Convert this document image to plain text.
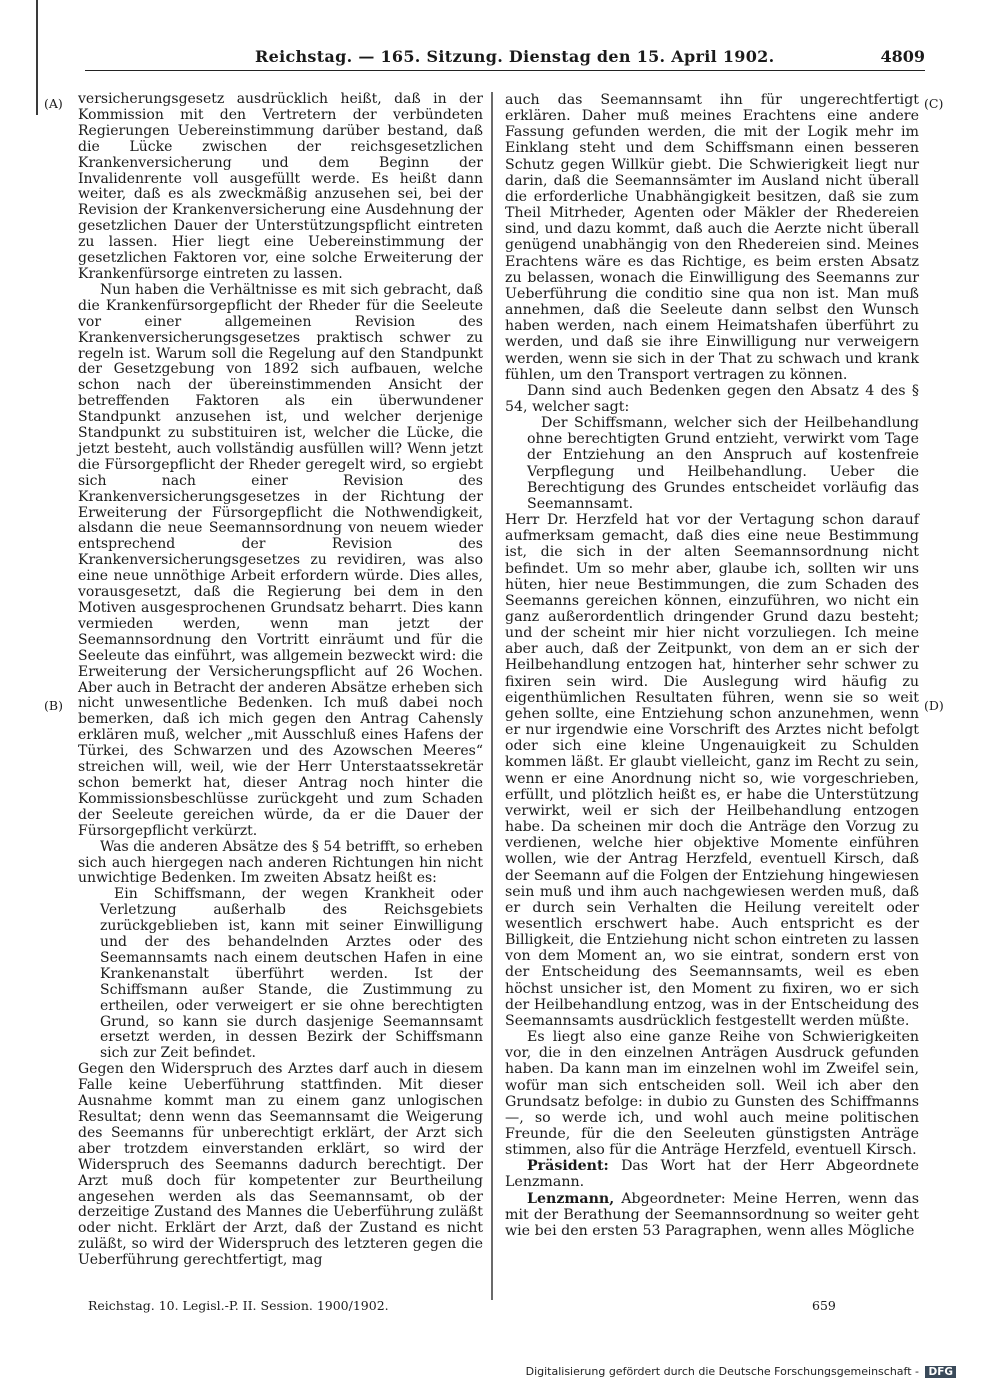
Reichstag. — 165. Sitzung. Dienstag den 15. April 1902.	4809
(A)
(B)
(C)
(D)

versicherungsgesetz ausdrücklich heißt, daß in der Kommission mit den Vertretern der verbündeten Regierungen Uebereinstimmung darüber bestand, daß die Lücke zwischen der reichsgesetzlichen Krankenversicherung und dem Beginn der Invalidenrente voll ausgefüllt werde. Es heißt dann weiter, daß es als zweckmäßig anzusehen sei, bei der Revision der Krankenversicherung eine Ausdehnung der gesetzlichen Dauer der Unterstützungspflicht eintreten zu lassen. Hier liegt eine Uebereinstimmung der gesetzlichen Faktoren vor, eine solche Erweiterung der Krankenfürsorge eintreten zu lassen.

Nun haben die Verhältnisse es mit sich gebracht, daß die Krankenfürsorgepflicht der Rheder für die Seeleute vor einer allgemeinen Revision des Krankenversicherungsgesetzes praktisch schwer zu regeln ist. Warum soll die Regelung auf den Standpunkt der Gesetzgebung von 1892 sich aufbauen, welche schon nach der übereinstimmenden Ansicht der betreffenden Faktoren als ein überwundener Standpunkt anzusehen ist, und welcher derjenige Standpunkt zu substituiren ist, welcher die Lücke, die jetzt besteht, auch vollständig ausfüllen will? Wenn jetzt die Fürsorgepflicht der Rheder geregelt wird, so ergiebt sich nach einer Revision des Krankenversicherungsgesetzes in der Richtung der Erweiterung der Fürsorgepflicht die Nothwendigkeit, alsdann die neue Seemannsordnung von neuem wieder entsprechend der Revision des Krankenversicherungsgesetzes zu revidiren, was also eine neue unnöthige Arbeit erfordern würde. Dies alles, vorausgesetzt, daß die Regierung bei dem in den Motiven ausgesprochenen Grundsatz beharrt. Dies kann vermieden werden, wenn man jetzt der Seemannsordnung den Vortritt einräumt und für die Seeleute das einführt, was allgemein bezweckt wird: die Erweiterung der Versicherungspflicht auf 26 Wochen. Aber auch in Betracht der anderen Absätze erheben sich nicht unwesentliche Bedenken. Ich muß dabei noch bemerken, daß ich mich gegen den Antrag Cahensly erklären muß, welcher „mit Ausschluß eines Hafens der Türkei, des Schwarzen und des Azowschen Meeres“ streichen will, weil, wie der Herr Unterstaatssekretär schon bemerkt hat, dieser Antrag noch hinter die Kommissionsbeschlüsse zurückgeht und zum Schaden der Seeleute gereichen würde, da er die Dauer der Fürsorgepflicht verkürzt.

Was die anderen Absätze des § 54 betrifft, so erheben sich auch hiergegen nach anderen Richtungen hin nicht unwichtige Bedenken. Im zweiten Absatz heißt es:

Ein Schiffsmann, der wegen Krankheit oder Verletzung außerhalb des Reichsgebiets zurückgeblieben ist, kann mit seiner Einwilligung und der des behandelnden Arztes oder des Seemannsamts nach einem deutschen Hafen in eine Krankenanstalt überführt werden. Ist der Schiffsmann außer Stande, die Zustimmung zu ertheilen, oder verweigert er sie ohne berechtigten Grund, so kann sie durch dasjenige Seemannsamt ersetzt werden, in dessen Bezirk der Schiffsmann sich zur Zeit befindet.

Gegen den Widerspruch des Arztes darf auch in diesem Falle keine Ueberführung stattfinden. Mit dieser Ausnahme kommt man zu einem ganz unlogischen Resultat; denn wenn das Seemannsamt die Weigerung des Seemanns für unberechtigt erklärt, der Arzt sich aber trotzdem einverstanden erklärt, so wird der Widerspruch des Seemanns dadurch berechtigt. Der Arzt muß doch für kompetenter zur Beurtheilung angesehen werden als das Seemannsamt, ob der derzeitige Zustand des Mannes die Ueberführung zuläßt oder nicht. Erklärt der Arzt, daß der Zustand es nicht zuläßt, so wird der Widerspruch des letzteren gegen die Ueberführung gerechtfertigt, mag

auch das Seemannsamt ihn für ungerechtfertigt erklären. Daher muß meines Erachtens eine andere Fassung gefunden werden, die mit der Logik mehr im Einklang steht und dem Schiffsmann einen besseren Schutz gegen Willkür giebt. Die Schwierigkeit liegt nur darin, daß die Seemannsämter im Ausland nicht überall die erforderliche Unabhängigkeit besitzen, daß sie zum Theil Mitrheder, Agenten oder Mäkler der Rhedereien sind, und dazu kommt, daß auch die Aerzte nicht überall genügend unabhängig von den Rhedereien sind. Meines Erachtens wäre es das Richtige, es beim ersten Absatz zu belassen, wonach die Einwilligung des Seemanns zur Ueberführung die conditio sine qua non ist. Man muß annehmen, daß die Seeleute dann selbst den Wunsch haben werden, nach einem Heimatshafen überführt zu werden, und daß sie ihre Einwilligung nur verweigern werden, wenn sie sich in der That zu schwach und krank fühlen, um den Transport vertragen zu können.

Dann sind auch Bedenken gegen den Absatz 4 des § 54, welcher sagt:

Der Schiffsmann, welcher sich der Heilbehandlung ohne berechtigten Grund entzieht, verwirkt vom Tage der Entziehung an den Anspruch auf kostenfreie Verpflegung und Heilbehandlung. Ueber die Berechtigung des Grundes entscheidet vorläufig das Seemannsamt.

Herr Dr. Herzfeld hat vor der Vertagung schon darauf aufmerksam gemacht, daß dies eine neue Bestimmung ist, die sich in der alten Seemannsordnung nicht befindet. Um so mehr aber, glaube ich, sollten wir uns hüten, hier neue Bestimmungen, die zum Schaden des Seemanns gereichen können, einzuführen, wo nicht ein ganz außerordentlich dringender Grund dazu besteht; und der scheint mir hier nicht vorzuliegen. Ich meine aber auch, daß der Zeitpunkt, von dem an er sich der Heilbehandlung entzogen hat, hinterher sehr schwer zu fixiren sein wird. Die Auslegung wird häufig zu eigenthümlichen Resultaten führen, wenn sie so weit gehen sollte, eine Entziehung schon anzunehmen, wenn er nur irgendwie eine Vorschrift des Arztes nicht befolgt oder sich eine kleine Ungenauigkeit zu Schulden kommen läßt. Er glaubt vielleicht, ganz im Recht zu sein, wenn er eine Anordnung nicht so, wie vorgeschrieben, erfüllt, und plötzlich heißt es, er habe die Unterstützung verwirkt, weil er sich der Heilbehandlung entzogen habe. Da scheinen mir doch die Anträge den Vorzug zu verdienen, welche hier objektive Momente einführen wollen, wie der Antrag Herzfeld, eventuell Kirsch, daß der Seemann auf die Folgen der Entziehung hingewiesen sein muß und ihm auch nachgewiesen werden muß, daß er durch sein Verhalten die Heilung vereitelt oder wesentlich erschwert habe. Auch entspricht es der Billigkeit, die Entziehung nicht schon eintreten zu lassen von dem Moment an, wo sie eintrat, sondern erst von der Entscheidung des Seemannsamts, weil es eben höchst unsicher ist, den Moment zu fixiren, wo er sich der Heilbehandlung entzog, was in der Entscheidung des Seemannsamts ausdrücklich festgestellt werden müßte.

Es liegt also eine ganze Reihe von Schwierigkeiten vor, die in den einzelnen Anträgen Ausdruck gefunden haben. Da kann man im einzelnen wohl im Zweifel sein, wofür man sich entscheiden soll. Weil ich aber den Grundsatz befolge: in dubio zu Gunsten des Schiffmanns —, so werde ich, und wohl auch meine politischen Freunde, für die den Seeleuten günstigsten Anträge stimmen, also für die Anträge Herzfeld, eventuell Kirsch.

Präsident: Das Wort hat der Herr Abgeordnete Lenzmann.

Lenzmann, Abgeordneter: Meine Herren, wenn das mit der Berathung der Seemannsordnung so weiter geht wie bei den ersten 53 Paragraphen, wenn alles Mögliche

Reichstag. 10. Legisl.-P. II. Session. 1900/1902.	659
Digitalisierung gefördert durch die Deutsche Forschungsgemeinschaft - DFG
